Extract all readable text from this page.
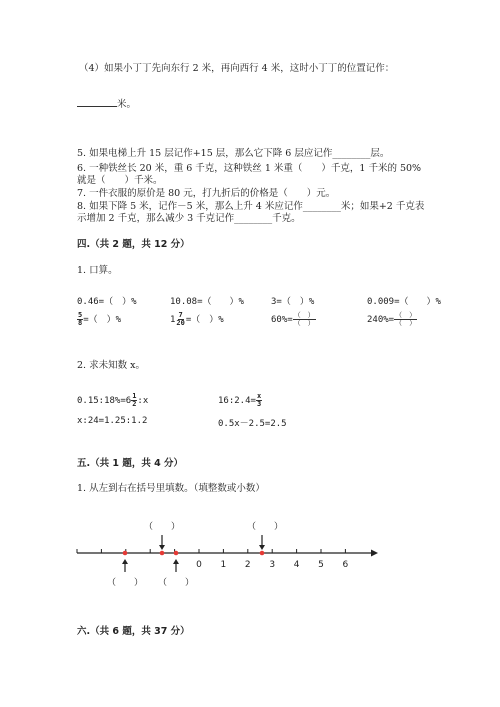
（4）如果小丁丁先向东行 2 米，再向西行 4 米，这时小丁丁的位置记作：
米。
5. 如果电梯上升 15 层记作+15 层，那么它下降 6 层应记作________层。
6. 一种铁丝长 20 米，重 6 千克，这种铁丝 1 米重（　　）千克，1 千米的 50%
就是（　　）千米。
7. 一件衣服的原价是 80 元，打九折后的价格是（　　）元。
8. 如果下降 5 米，记作－5 米，那么上升 4 米应记作________米；如果+2 千克表
示增加 2 千克，那么减少 3 千克记作________千克。
四.（共 2 题，共 12 分）
1. 口算。
0.46=（　）%	10.08=（　　）%	3=（　）%	0.009=（　　）%
$\frac{5}{8}$ =（　）%	$1 \frac{7}{20}$ =（　）%	$60\%= \frac{( )}{( )}$	$240\%= \frac{( )}{( )}$
2. 求未知数 x。
0.15:18%=6 $\frac{1}{2}$ :x	16:2.4= $\frac{x}{3}$
x:24=1.25:1.2	0.5x－2.5=2.5
五.（共 1 题，共 4 分）
1. 从左到右在括号里填数。（填整数或小数）
（　　）	（　　）
（　　） （　　）
0 1 2 3 4 5 6
六.（共 6 题，共 37 分）
